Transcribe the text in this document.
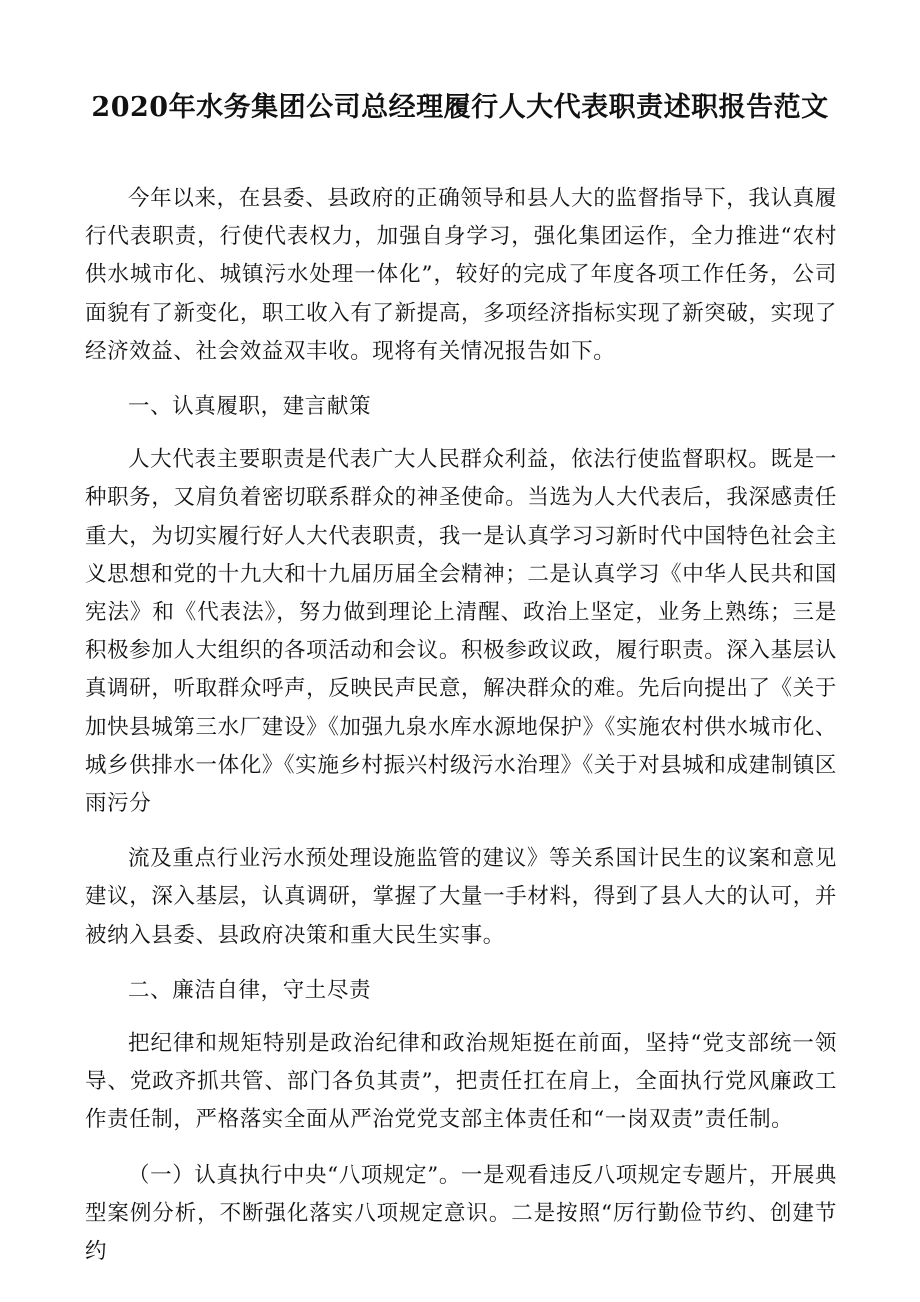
2020年水务集团公司总经理履行人大代表职责述职报告范文

今年以来，在县委、县政府的正确领导和县人大的监督指导下，我认真履行代表职责，行使代表权力，加强自身学习，强化集团运作，全力推进“农村供水城市化、城镇污水处理一体化”，较好的完成了年度各项工作任务，公司面貌有了新变化，职工收入有了新提高，多项经济指标实现了新突破，实现了经济效益、社会效益双丰收。现将有关情况报告如下。

一、认真履职，建言献策

人大代表主要职责是代表广大人民群众利益，依法行使监督职权。既是一种职务，又肩负着密切联系群众的神圣使命。当选为人大代表后，我深感责任重大，为切实履行好人大代表职责，我一是认真学习习新时代中国特色社会主义思想和党的十九大和十九届历届全会精神；二是认真学习《中华人民共和国宪法》和《代表法》，努力做到理论上清醒、政治上坚定，业务上熟练；三是积极参加人大组织的各项活动和会议。积极参政议政，履行职责。深入基层认真调研，听取群众呼声，反映民声民意，解决群众的难。先后向提出了《关于加快县城第三水厂建设》《加强九泉水库水源地保护》《实施农村供水城市化、城乡供排水一体化》《实施乡村振兴村级污水治理》《关于对县城和成建制镇区雨污分

流及重点行业污水预处理设施监管的建议》等关系国计民生的议案和意见建议，深入基层，认真调研，掌握了大量一手材料，得到了县人大的认可，并被纳入县委、县政府决策和重大民生实事。

二、廉洁自律，守土尽责

把纪律和规矩特别是政治纪律和政治规矩挺在前面，坚持“党支部统一领导、党政齐抓共管、部门各负其责”，把责任扛在肩上，全面执行党风廉政工作责任制，严格落实全面从严治党党支部主体责任和“一岗双责”责任制。

（一）认真执行中央“八项规定”。一是观看违反八项规定专题片，开展典型案例分析，不断强化落实八项规定意识。二是按照“厉行勤俭节约、创建节约
